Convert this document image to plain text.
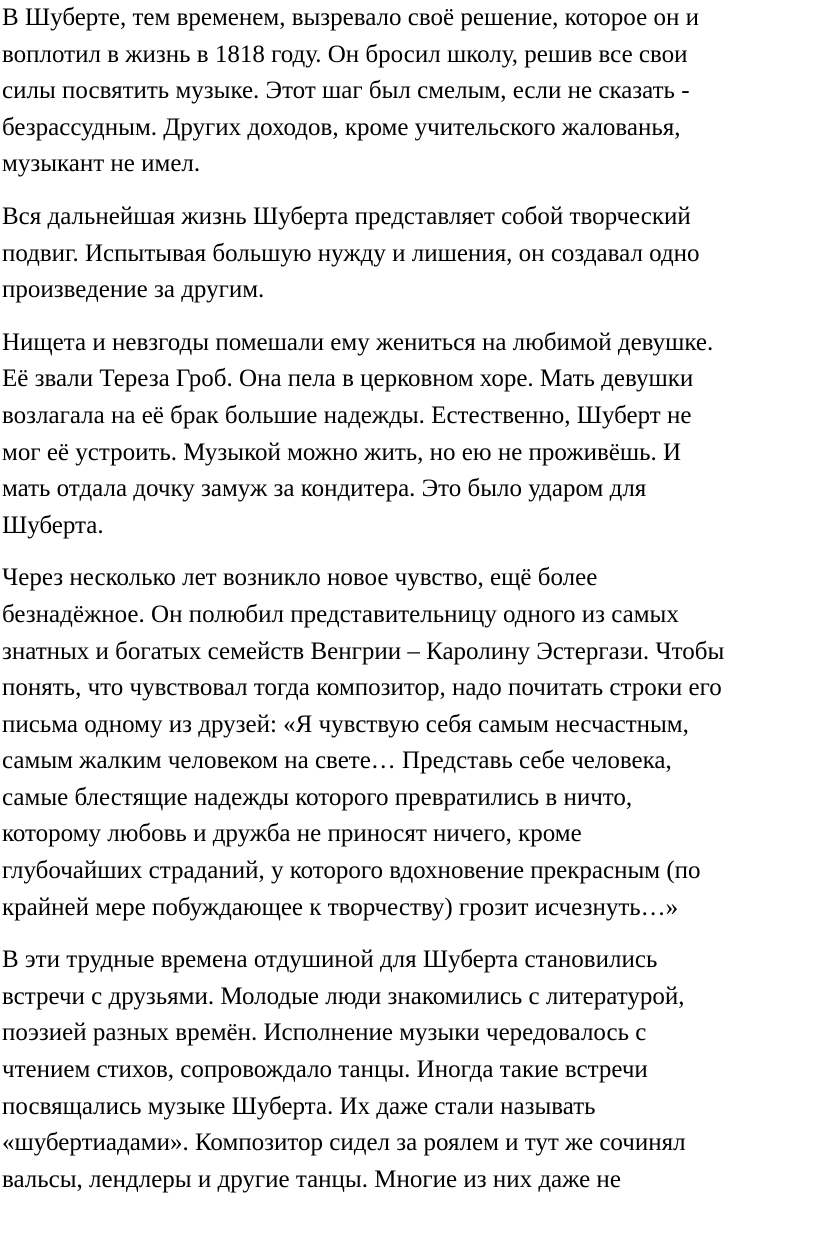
В Шуберте, тем временем, вызревало своё решение, которое он и
воплотил в жизнь в 1818 году. Он бросил школу, решив все свои
силы посвятить музыке. Этот шаг был смелым, если не сказать -
безрассудным. Других доходов, кроме учительского жалованья,
музыкант не имел.
Вся дальнейшая жизнь Шуберта представляет собой творческий
подвиг. Испытывая большую нужду и лишения, он создавал одно
произведение за другим.
Нищета и невзгоды помешали ему жениться на любимой девушке.
Её звали Тереза Гроб. Она пела в церковном хоре. Мать девушки
возлагала на её брак большие надежды. Естественно, Шуберт не
мог её устроить. Музыкой можно жить, но ею не проживёшь. И
мать отдала дочку замуж за кондитера. Это было ударом для
Шуберта.
Через несколько лет возникло новое чувство, ещё более
безнадёжное. Он полюбил представительницу одного из самых
знатных и богатых семейств Венгрии – Каролину Эстергази. Чтобы
понять, что чувствовал тогда композитор, надо почитать строки его
письма одному из друзей: «Я чувствую себя самым несчастным,
самым жалким человеком на свете… Представь себе человека,
самые блестящие надежды которого превратились в ничто,
которому любовь и дружба не приносят ничего, кроме
глубочайших страданий, у которого вдохновение прекрасным (по
крайней мере побуждающее к творчеству) грозит исчезнуть…»
В эти трудные времена отдушиной для Шуберта становились
встречи с друзьями. Молодые люди знакомились с литературой,
поэзией разных времён. Исполнение музыки чередовалось с
чтением стихов, сопровождало танцы. Иногда такие встречи
посвящались музыке Шуберта. Их даже стали называть
«шубертиадами». Композитор сидел за роялем и тут же сочинял
вальсы, лендлеры и другие танцы. Многие из них даже не
